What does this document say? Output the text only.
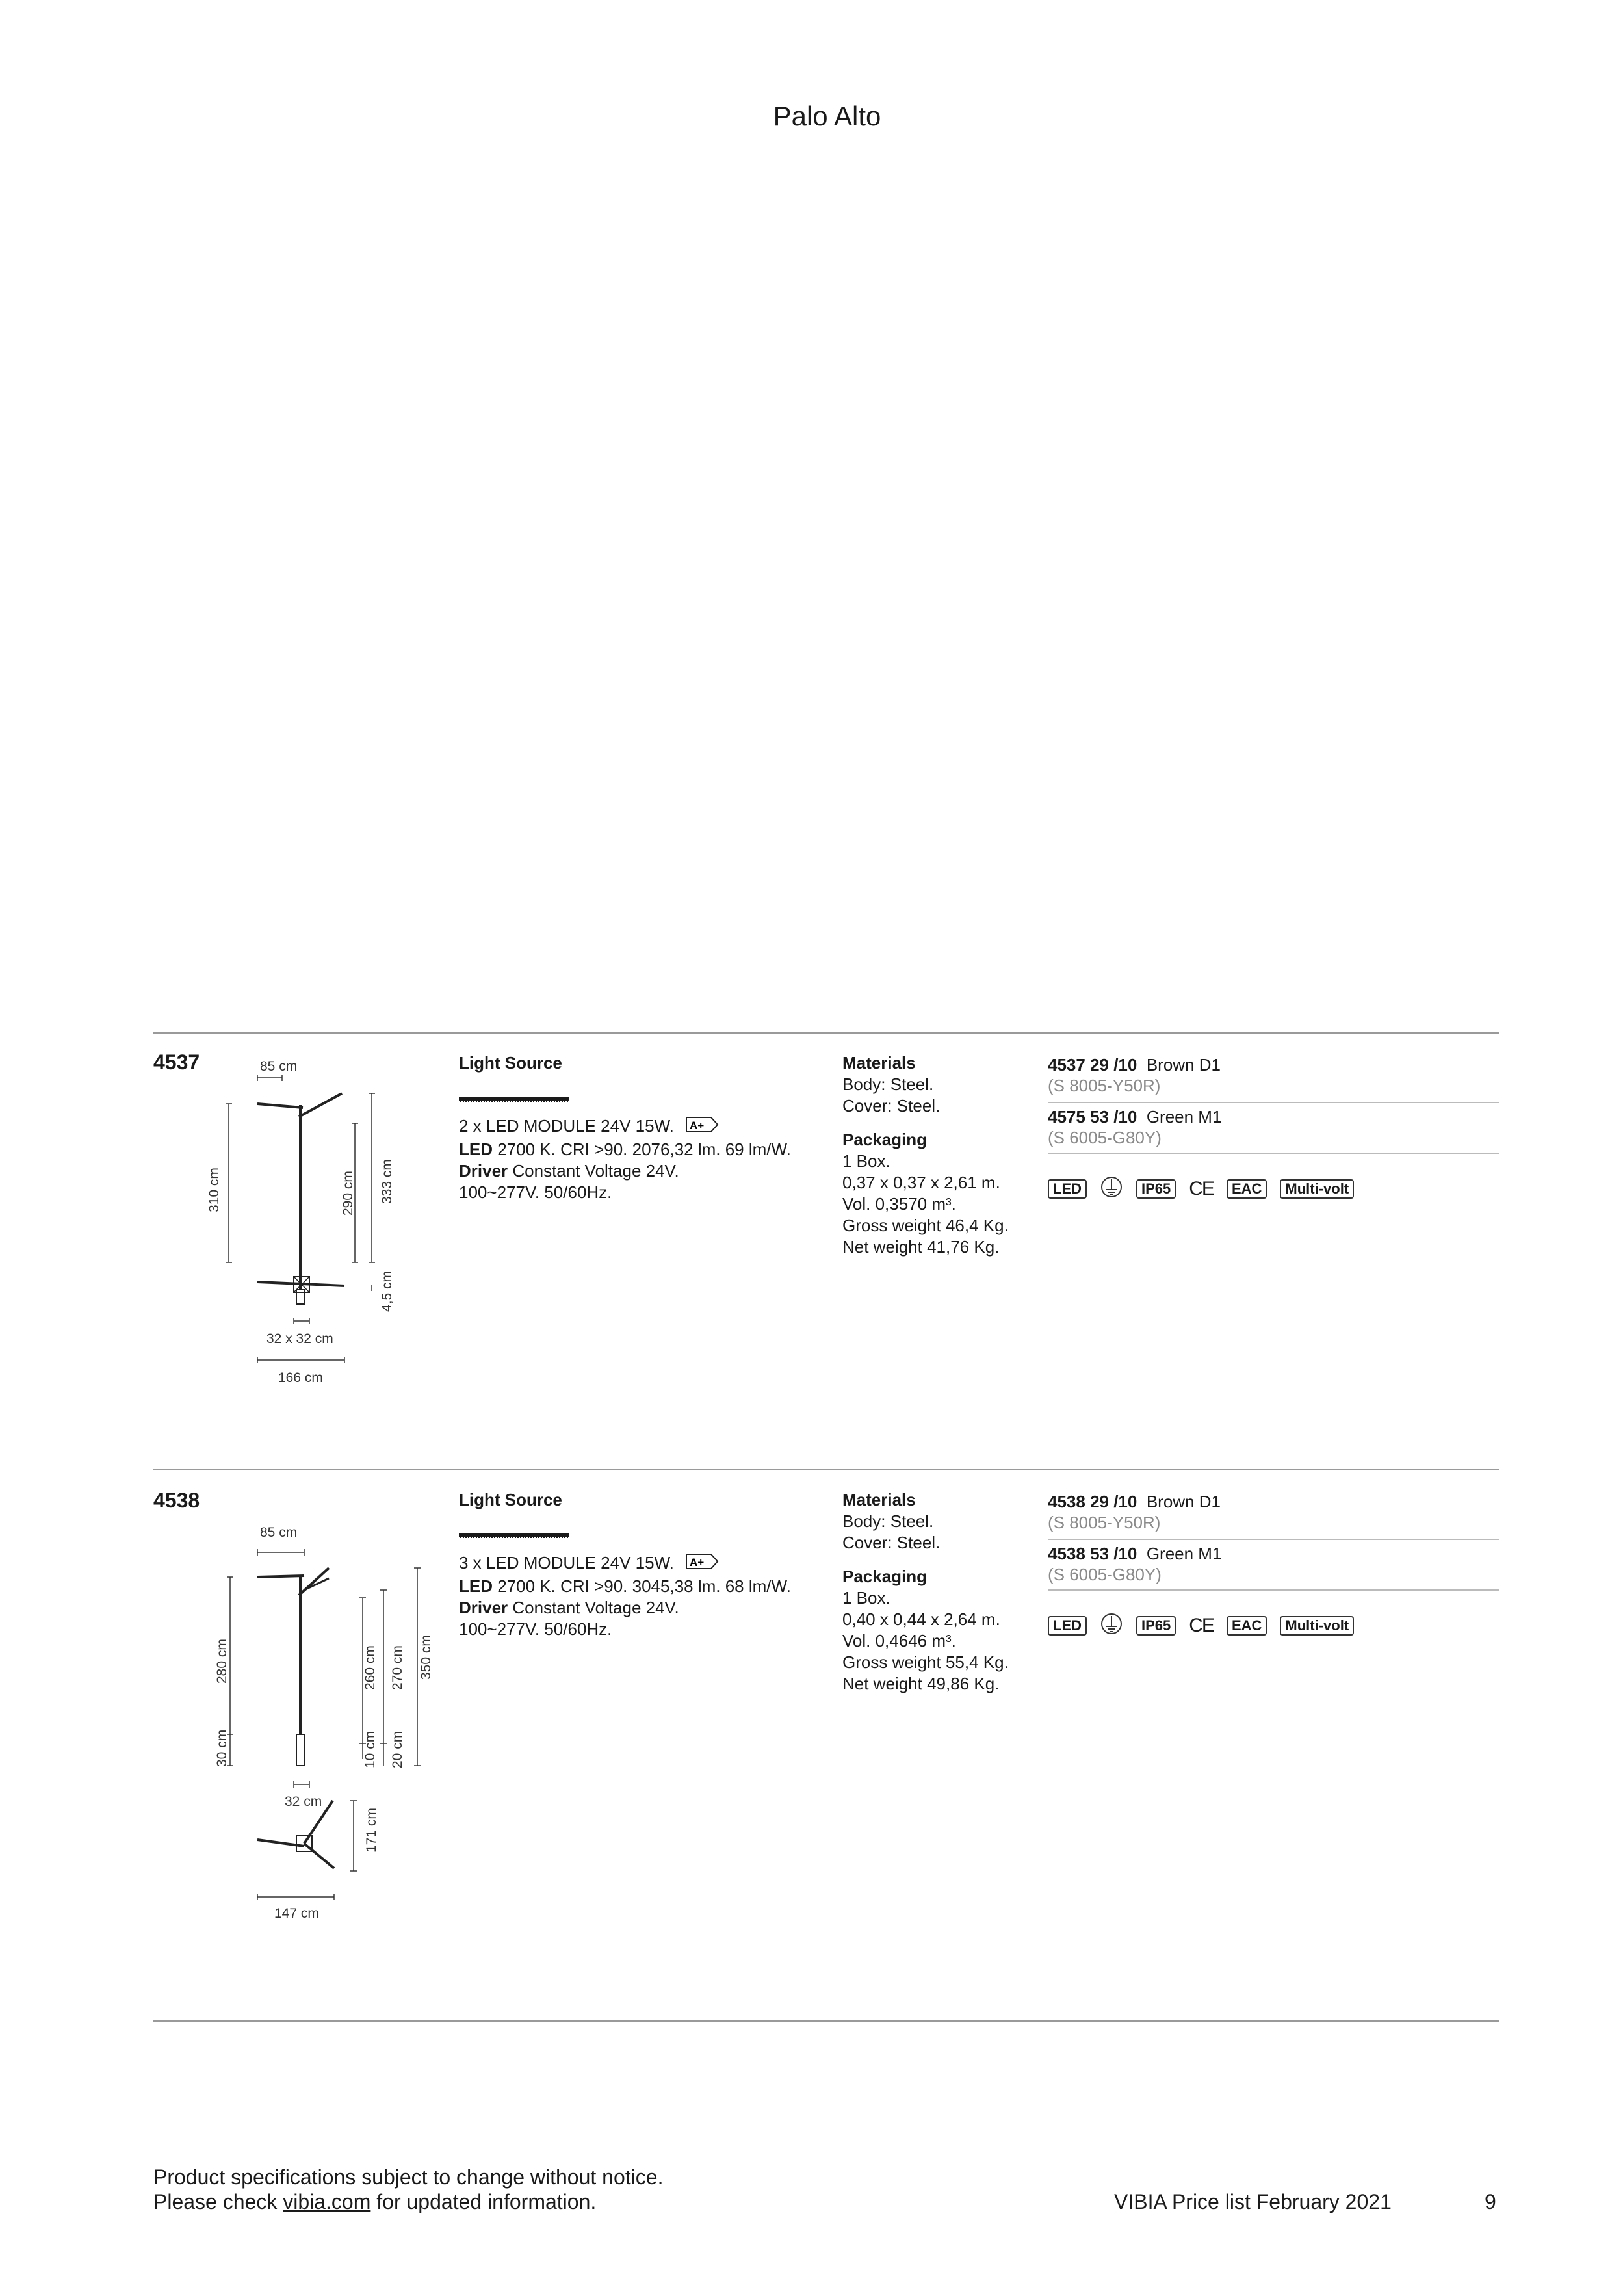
Palo Alto
4537	85 cm
310 cm	290 cm 333 cm
4,5 cm
32 x 32 cm
166 cm
Light Source
2 x LED MODULE 24V 15W. A+
LED 2700 K. CRI >90. 2076,32 lm. 69 lm/W.
Driver Constant Voltage 24V.
100~277V. 50/60Hz.
Materials
Body: Steel.
Cover: Steel.
Packaging
1 Box.
0,37 x 0,37 x 2,61 m.
Vol. 0,3570 m³.
Gross weight 46,4 Kg.
Net weight 41,76 Kg.
4537 29 /10 Brown D1
(S 8005-Y50R)
4575 53 /10 Green M1
(S 6005-G80Y)
LED	IP65 CE	EAC	Multi-volt
4538
85 cm
280 cm
30 cm
260 cm
10 cm
270 cm
20 cm
350 cm
32 cm
171 cm
147 cm
Light Source
3 x LED MODULE 24V 15W. A+
LED 2700 K. CRI >90. 3045,38 lm. 68 lm/W.
Driver Constant Voltage 24V.
100~277V. 50/60Hz.
Materials
Body: Steel.
Cover: Steel.
Packaging
1 Box.
0,40 x 0,44 x 2,64 m.
Vol. 0,4646 m³.
Gross weight 55,4 Kg.
Net weight 49,86 Kg.
4538 29 /10 Brown D1
(S 8005-Y50R)
4538 53 /10 Green M1
(S 6005-G80Y)
LED	IP65 CE	EAC	Multi-volt
Product specifications subject to change without notice.
Please check vibia.com for updated information.	VIBIA Price list February 2021	9
